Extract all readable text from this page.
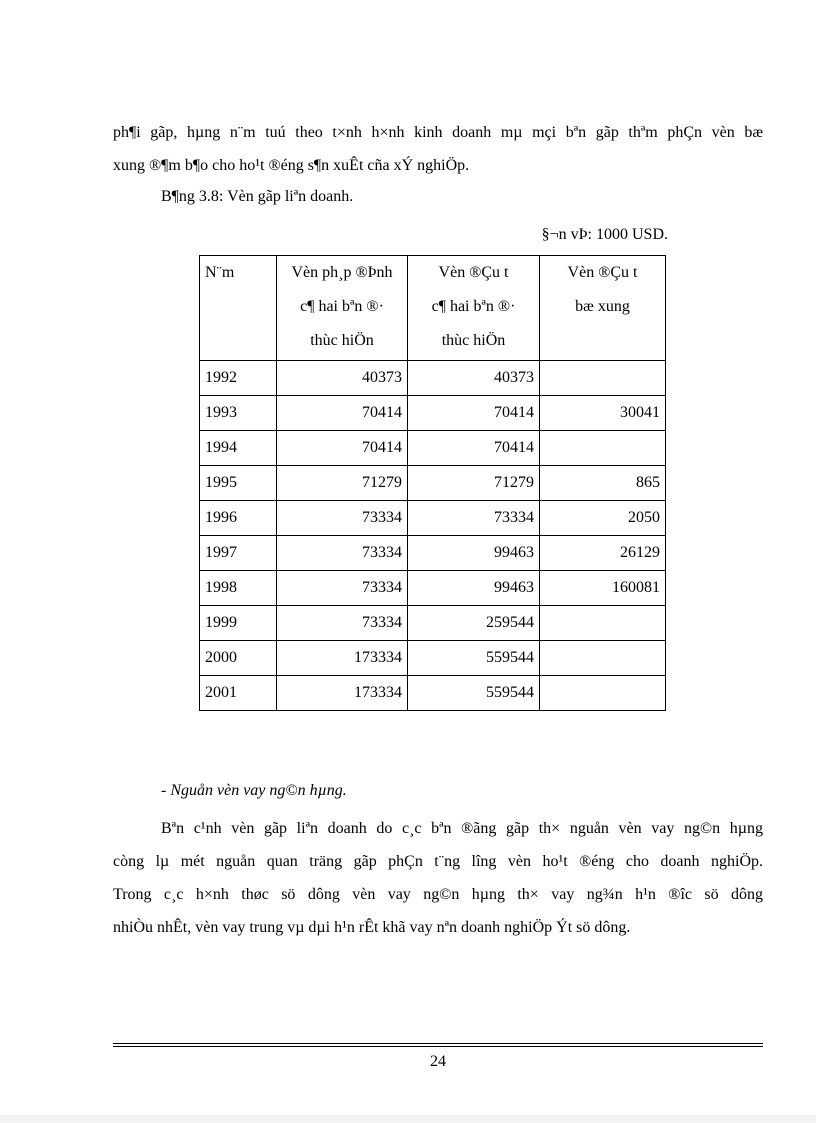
ph¶i gãp, hµng n¨m tuú theo t×nh h×nh kinh doanh mµ mçi bªn gãp thªm phÇn vèn bæ
xung ®¶m b¶o cho ho¹t ®éng s¶n xuÊt cña xÝ nghiÖp.

B¶ng 3.8: Vèn gãp liªn doanh.
§¬n vÞ: 1000 USD.
N¨m	Vèn ph¸p ®Þnh
c¶ hai bªn ®·
thùc hiÖn	Vèn ®Çu t
c¶ hai bªn ®·
thùc hiÖn	Vèn ®Çu t
bæ xung

1992	40373	40373	
1993	70414	70414	30041
1994	70414	70414	
1995	71279	71279	865
1996	73334	73334	2050
1997	73334	99463	26129
1998	73334	99463	160081
1999	73334	259544	
2000	173334	559544	
2001	173334	559544	
- Nguån vèn vay ng©n hµng.

Bªn c¹nh vèn gãp liªn doanh do c¸c bªn ®ãng gãp th× nguån vèn vay ng©n hµng
còng lµ mét nguån quan träng gãp phÇn t¨ng lîng vèn ho¹t ®éng cho doanh nghiÖp.
Trong c¸c h×nh thøc sö dông vèn vay ng©n hµng th× vay ng¾n h¹n ®îc sö dông
nhiÒu nhÊt, vèn vay trung vµ dµi h¹n rÊt khã vay nªn doanh nghiÖp Ýt sö dông.

24
